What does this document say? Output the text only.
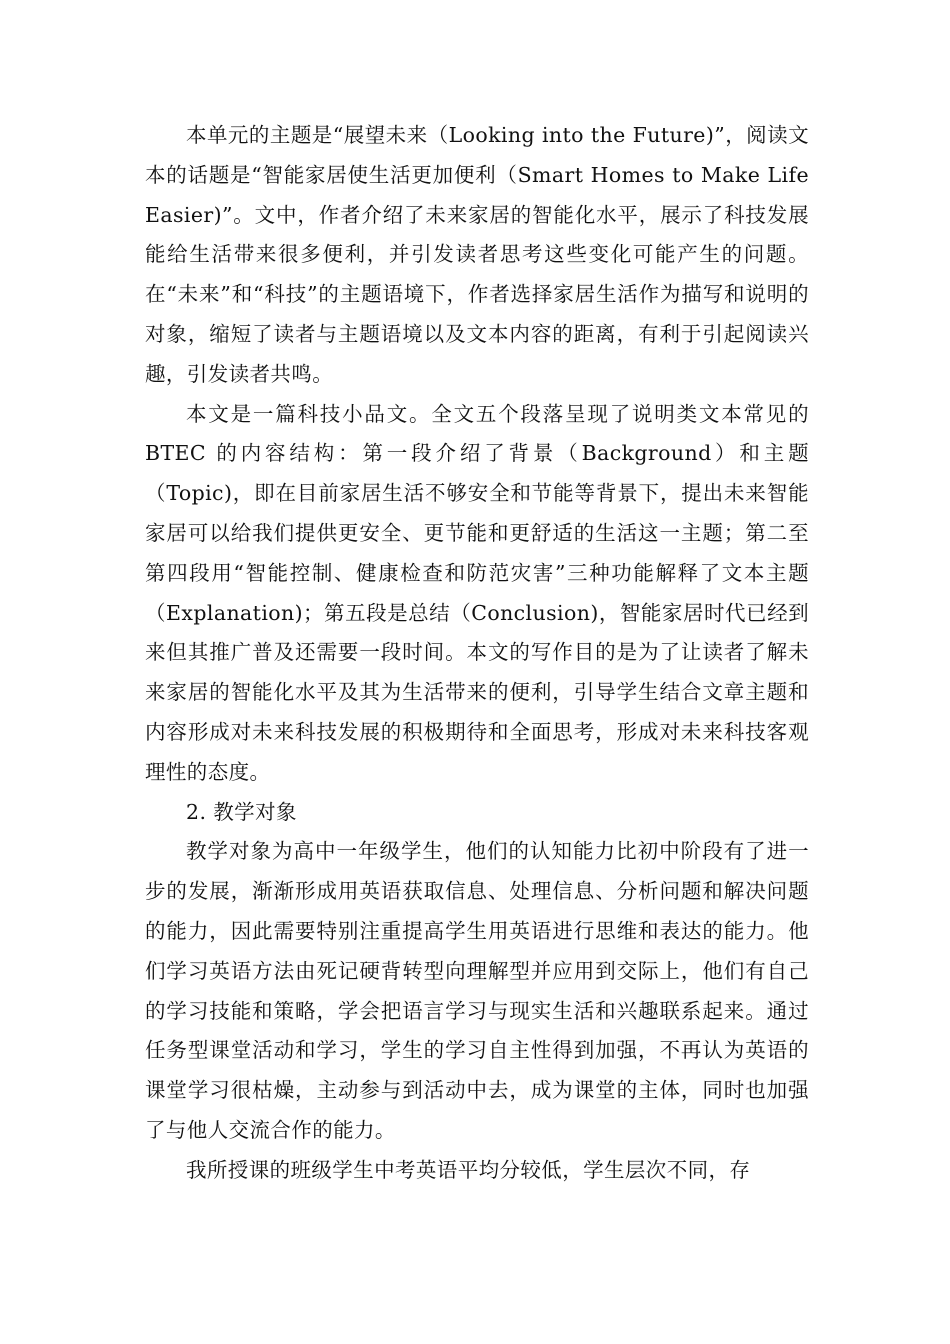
本单元的主题是“展望未来（Looking into the Future)”，阅读文本的话题是“智能家居使生活更加便利（Smart Homes to Make Life Easier)”。文中，作者介绍了未来家居的智能化水平，展示了科技发展能给生活带来很多便利，并引发读者思考这些变化可能产生的问题。在“未来”和“科技”的主题语境下，作者选择家居生活作为描写和说明的对象，缩短了读者与主题语境以及文本内容的距离，有利于引起阅读兴趣，引发读者共鸣。

本文是一篇科技小品文。全文五个段落呈现了说明类文本常见的 BTEC 的内容结构：第一段介绍了背景（Background）和主题（Topic)，即在目前家居生活不够安全和节能等背景下，提出未来智能家居可以给我们提供更安全、更节能和更舒适的生活这一主题；第二至第四段用“智能控制、健康检查和防范灾害”三种功能解释了文本主题（Explanation)；第五段是总结（Conclusion)，智能家居时代已经到来但其推广普及还需要一段时间。本文的写作目的是为了让读者了解未来家居的智能化水平及其为生活带来的便利，引导学生结合文章主题和内容形成对未来科技发展的积极期待和全面思考，形成对未来科技客观理性的态度。

2. 教学对象

教学对象为高中一年级学生，他们的认知能力比初中阶段有了进一步的发展，渐渐形成用英语获取信息、处理信息、分析问题和解决问题的能力，因此需要特别注重提高学生用英语进行思维和表达的能力。他们学习英语方法由死记硬背转型向理解型并应用到交际上，他们有自己的学习技能和策略，学会把语言学习与现实生活和兴趣联系起来。通过任务型课堂活动和学习，学生的学习自主性得到加强，不再认为英语的课堂学习很枯燥，主动参与到活动中去，成为课堂的主体，同时也加强了与他人交流合作的能力。

我所授课的班级学生中考英语平均分较低，学生层次不同，存
